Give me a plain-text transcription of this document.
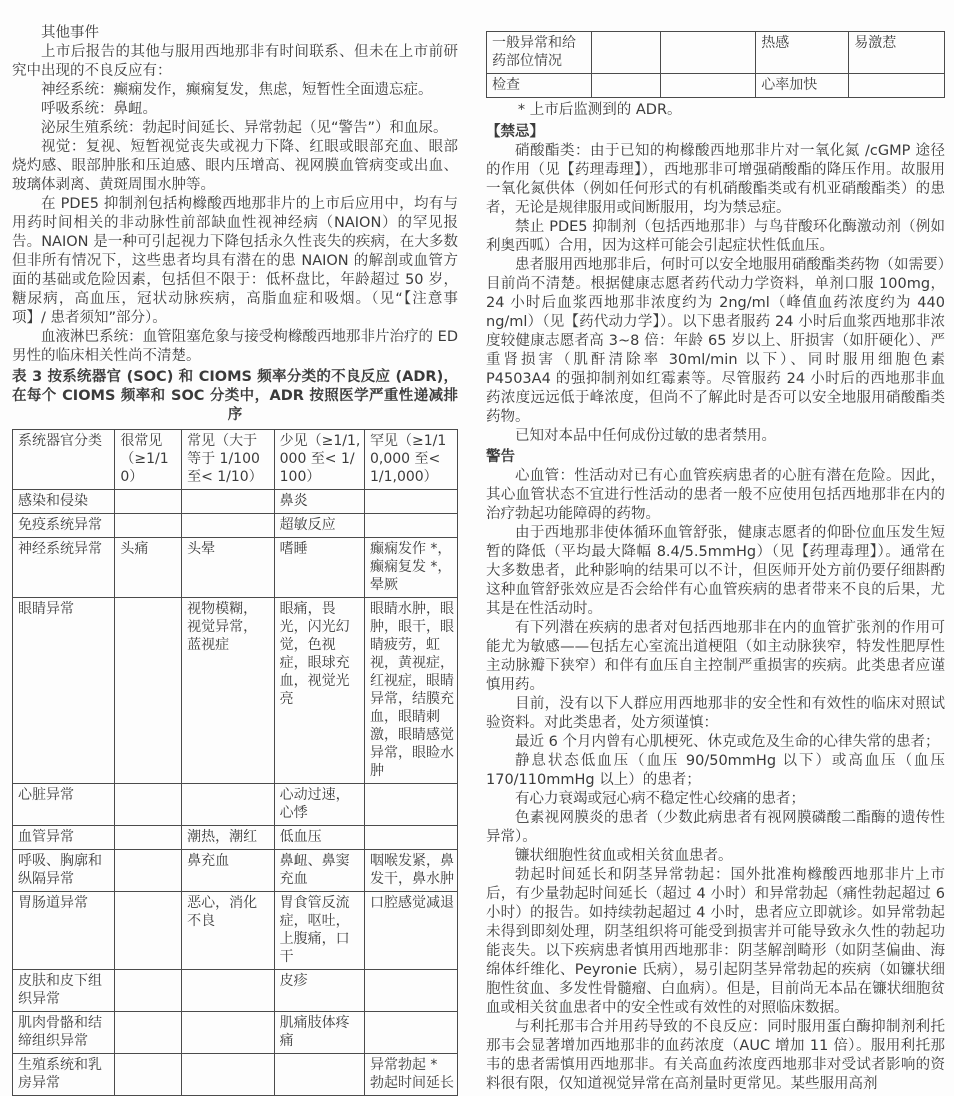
其他事件

上市后报告的其他与服用西地那非有时间联系、但未在上市前研究中出现的不良反应有：

神经系统：癫痫发作，癫痫复发，焦虑，短暂性全面遗忘症。

呼吸系统：鼻衄。

泌尿生殖系统：勃起时间延长、异常勃起（见“警告”）和血尿。

视觉：复视、短暂视觉丧失或视力下降、红眼或眼部充血、眼部烧灼感、眼部肿胀和压迫感、眼内压增高、视网膜血管病变或出血、玻璃体剥离、黄斑周围水肿等。

在 PDE5 抑制剂包括枸橼酸西地那非片的上市后应用中，均有与用药时间相关的非动脉性前部缺血性视神经病（NAION）的罕见报告。NAION 是一种可引起视力下降包括永久性丧失的疾病，在大多数但非所有情况下，这些患者均具有潜在的患 NAION 的解剖或血管方面的基础或危险因素，包括但不限于：低杯盘比，年龄超过 50 岁，糖尿病，高血压，冠状动脉疾病，高脂血症和吸烟。（见“【注意事项】/ 患者须知”部分）。

血液淋巴系统：血管阻塞危象与接受枸橼酸西地那非片治疗的 ED 男性的临床相关性尚不清楚。

表 3 按系统器官 (SOC) 和 CIOMS 频率分类的不良反应 (ADR)，在每个 CIOMS 频率和 SOC 分类中，ADR 按照医学严重性递减排序
系统器官分类	很常见（≥1/10）	常见（大于等于 1/100 至< 1/10）	少见（≥1/1,000 至< 1/100）	罕见（≥1/10,000 至< 1/1,000）
感染和侵染			鼻炎	
免疫系统异常			超敏反应	
神经系统异常	头痛	头晕	嗜睡	癫痫发作 *，癫痫复发 *，晕厥
眼睛异常		视物模糊，视觉异常，蓝视症	眼痛，畏光，闪光幻觉，色视症，眼球充血，视觉光亮	眼睛水肿，眼肿，眼干，眼睛疲劳，虹视，黄视症，红视症，眼睛异常，结膜充血，眼睛刺激，眼睛感觉异常，眼睑水肿
心脏异常			心动过速，心悸	
血管异常		潮热，潮红	低血压	
呼吸、胸廓和纵隔异常		鼻充血	鼻衄、鼻窦充血	咽喉发紧，鼻发干，鼻水肿
胃肠道异常		恶心，消化不良	胃食管反流症，呕吐，上腹痛，口干	口腔感觉减退
皮肤和皮下组织异常			皮疹	
肌肉骨骼和结缔组织异常			肌痛肢体疼痛	
生殖系统和乳房异常				异常勃起 * 勃起时间延长
一般异常和给药部位情况			热感	易激惹
检查			心率加快	
* 上市后监测到的 ADR。
【禁忌】

硝酸酯类：由于已知的枸橼酸西地那非片对一氧化氮 /cGMP 途径的作用（见【药理毒理】），西地那非可增强硝酸酯的降压作用。故服用一氧化氮供体（例如任何形式的有机硝酸酯类或有机亚硝酸酯类）的患者，无论是规律服用或间断服用，均为禁忌症。

禁止 PDE5 抑制剂（包括西地那非）与鸟苷酸环化酶激动剂（例如利奥西呱）合用，因为这样可能会引起症状性低血压。

患者服用西地那非后，何时可以安全地服用硝酸酯类药物（如需要）目前尚不清楚。根据健康志愿者药代动力学资料，单剂口服 100mg，24 小时后血浆西地那非浓度约为 2ng/ml（峰值血药浓度约为 440 ng/ml）（见【药代动力学】）。以下患者服药 24 小时后血浆西地那非浓度较健康志愿者高 3~8 倍：年龄 65 岁以上、肝损害（如肝硬化）、严重肾损害（肌酐清除率 30ml/min 以下）、同时服用细胞色素 P4503A4 的强抑制剂如红霉素等。尽管服药 24 小时后的西地那非血药浓度远远低于峰浓度，但尚不了解此时是否可以安全地服用硝酸酯类药物。

已知对本品中任何成份过敏的患者禁用。

警告

心血管：性活动对已有心血管疾病患者的心脏有潜在危险。因此，其心血管状态不宜进行性活动的患者一般不应使用包括西地那非在内的治疗勃起功能障碍的药物。

由于西地那非使体循环血管舒张，健康志愿者的仰卧位血压发生短暂的降低（平均最大降幅 8.4/5.5mmHg）（见【药理毒理】）。通常在大多数患者，此种影响的结果可以不计，但医师开处方前仍要仔细斟酌这种血管舒张效应是否会给伴有心血管疾病的患者带来不良的后果，尤其是在性活动时。

有下列潜在疾病的患者对包括西地那非在内的血管扩张剂的作用可能尤为敏感——包括左心室流出道梗阻（如主动脉狭窄，特发性肥厚性主动脉瓣下狭窄）和伴有血压自主控制严重损害的疾病。此类患者应谨慎用药。

目前，没有以下人群应用西地那非的安全性和有效性的临床对照试验资料。对此类患者，处方须谨慎：

最近 6 个月内曾有心肌梗死、休克或危及生命的心律失常的患者；

静息状态低血压（血压 90/50mmHg 以下）或高血压（血压 170/110mmHg 以上）的患者；

有心力衰竭或冠心病不稳定性心绞痛的患者；

色素视网膜炎的患者（少数此病患者有视网膜磷酸二酯酶的遗传性异常）。

镰状细胞性贫血或相关贫血患者。

勃起时间延长和阴茎异常勃起：国外批准枸橼酸西地那非片上市后，有少量勃起时间延长（超过 4 小时）和异常勃起（痛性勃起超过 6 小时）的报告。如持续勃起超过 4 小时，患者应立即就诊。如异常勃起未得到即刻处理，阴茎组织将可能受到损害并可能导致永久性的勃起功能丧失。以下疾病患者慎用西地那非：阴茎解剖畸形（如阴茎偏曲、海绵体纤维化、Peyronie 氏病），易引起阴茎异常勃起的疾病（如镰状细胞性贫血、多发性骨髓瘤、白血病）。但是，目前尚无本品在镰状细胞贫血或相关贫血患者中的安全性或有效性的对照临床数据。

与利托那韦合并用药导致的不良反应：同时服用蛋白酶抑制剂利托那韦会显著增加西地那非的血药浓度（AUC 增加 11 倍）。服用利托那韦的患者需慎用西地那非。有关高血药浓度西地那非对受试者影响的资料很有限，仅知道视觉异常在高剂量时更常见。某些服用高剂
